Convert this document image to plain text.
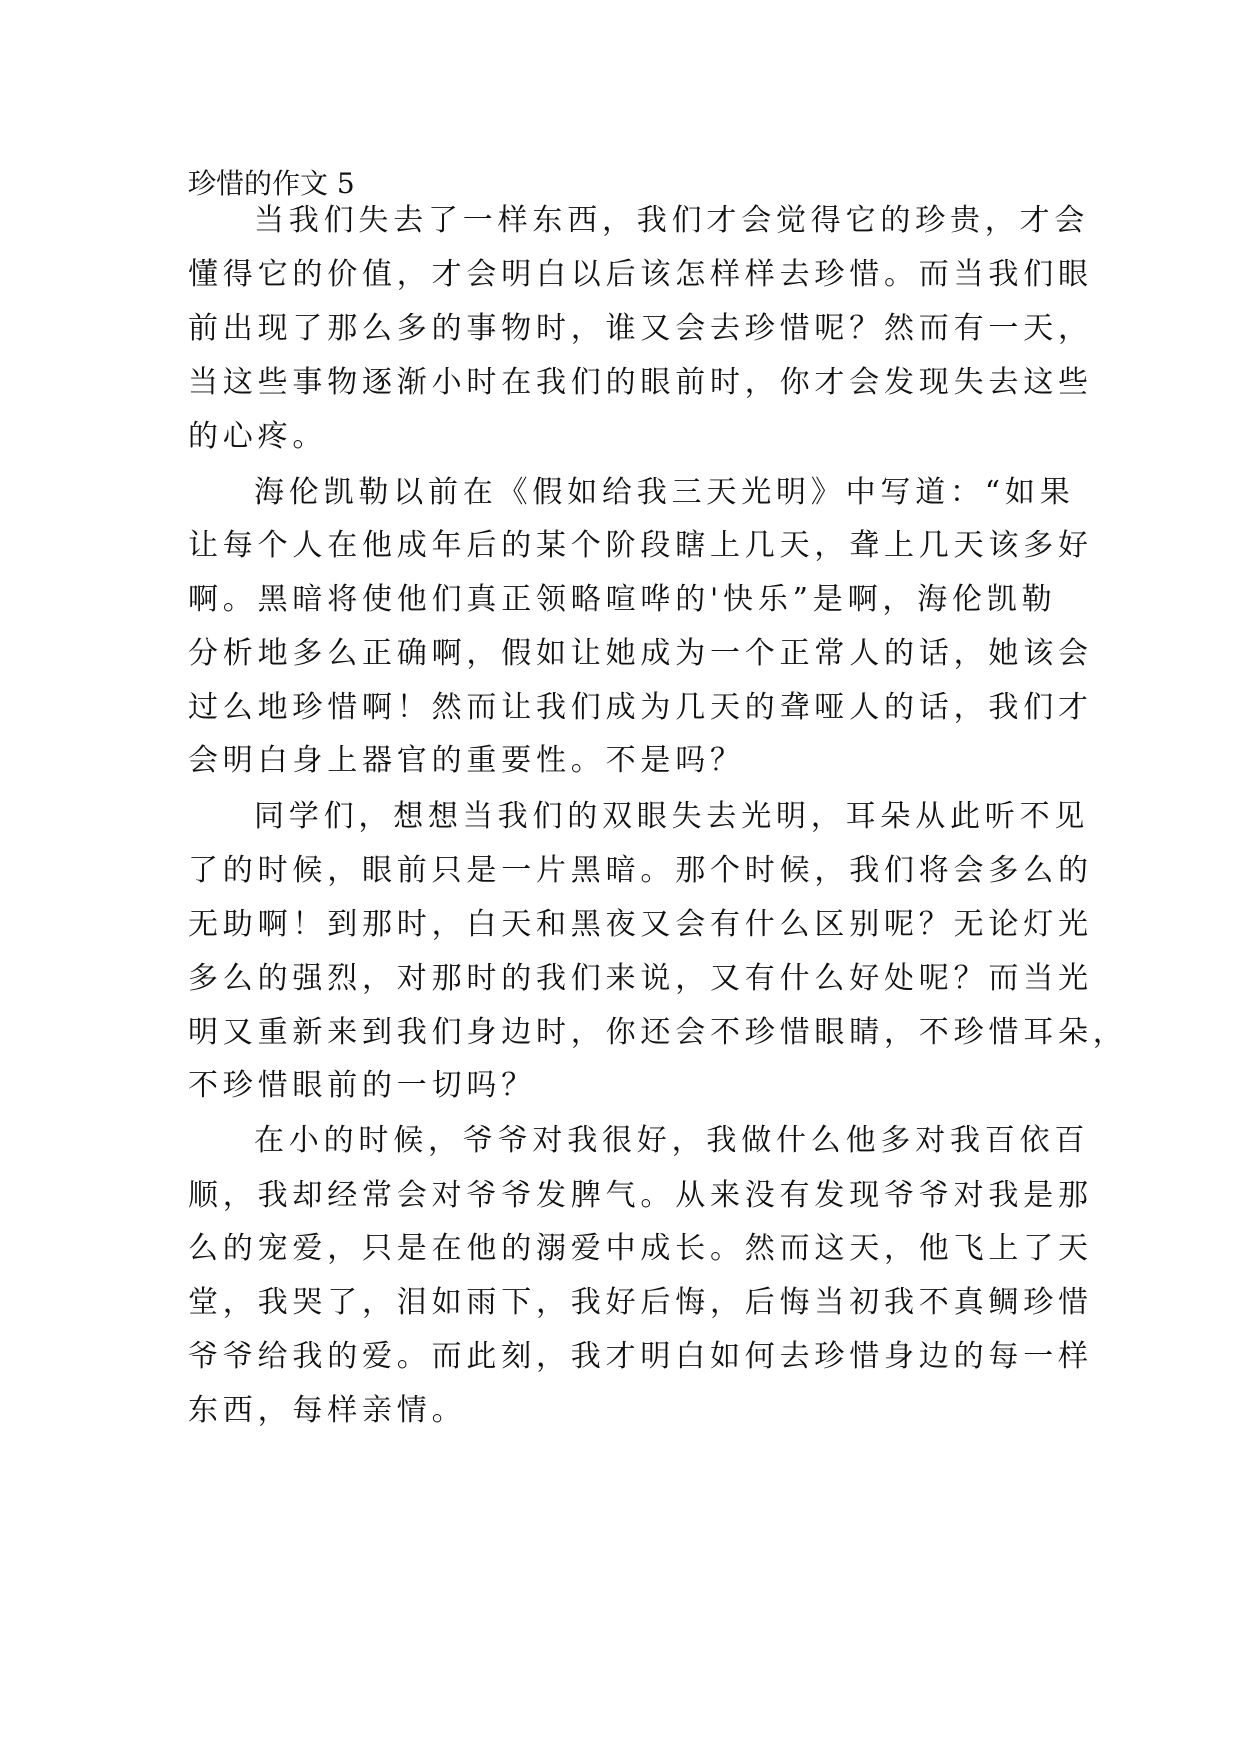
珍惜的作文 5
当我们失去了一样东西，我们才会觉得它的珍贵，才会
懂得它的价值，才会明白以后该怎样样去珍惜。而当我们眼
前出现了那么多的事物时，谁又会去珍惜呢？然而有一天，
当这些事物逐渐小时在我们的眼前时，你才会发现失去这些
的心疼。
海伦凯勒以前在《假如给我三天光明》中写道：“如果
让每个人在他成年后的某个阶段瞎上几天，聋上几天该多好
啊。黑暗将使他们真正领略喧哗的'快乐”是啊，海伦凯勒
分析地多么正确啊，假如让她成为一个正常人的话，她该会
过么地珍惜啊！然而让我们成为几天的聋哑人的话，我们才
会明白身上器官的重要性。不是吗？
同学们，想想当我们的双眼失去光明，耳朵从此听不见
了的时候，眼前只是一片黑暗。那个时候，我们将会多么的
无助啊！到那时，白天和黑夜又会有什么区别呢？无论灯光
多么的强烈，对那时的我们来说，又有什么好处呢？而当光
明又重新来到我们身边时，你还会不珍惜眼睛，不珍惜耳朵，
不珍惜眼前的一切吗？
在小的时候，爷爷对我很好，我做什么他多对我百依百
顺，我却经常会对爷爷发脾气。从来没有发现爷爷对我是那
么的宠爱，只是在他的溺爱中成长。然而这天，他飞上了天
堂，我哭了，泪如雨下，我好后悔，后悔当初我不真鲷珍惜
爷爷给我的爱。而此刻，我才明白如何去珍惜身边的每一样
东西，每样亲情。
